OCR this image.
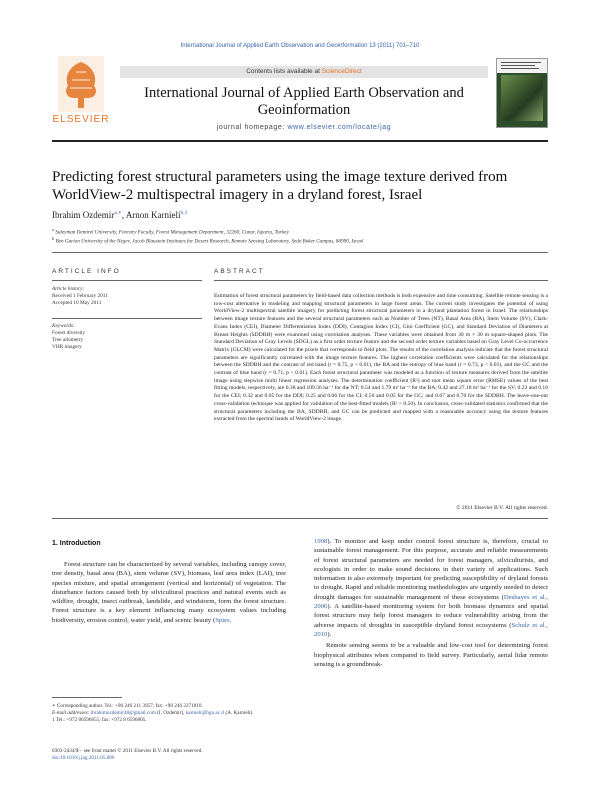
International Journal of Applied Earth Observation and Geoinformation 13 (2011) 701–710
ELSEVIER
Contents lists available at ScienceDirect
International Journal of Applied Earth Observation and Geoinformation
journal homepage: www.elsevier.com/locate/jag
Predicting forest structural parameters using the image texture derived from WorldView-2 multispectral imagery in a dryland forest, Israel
Ibrahim Ozdemir$^{a,∗}$, Arnon Karnieli$^{b,1}$
$^a$ Suleyman Demirel University, Forestry Faculty, Forest Management Department, 32260, Cunur, Isparta, Turkey
$^b$ Ben Gurion University of the Negev, Jacob Blaustein Institutes for Desert Research, Remote Sensing Laboratory, Sede Boker Campus, 84990, Israel
ARTICLE INFO
Article history:
Received 1 February 2011
Accepted 10 May 2011
Keywords:
Forest diversity
Tree allometry
VHR imagery
ABSTRACT
Estimation of forest structural parameters by field-based data collection methods is both expensive and time consuming. Satellite remote sensing is a low-cost alternative in modeling and mapping structural parameters in large forest areas. The current study investigates the potential of using WorldView-2 multispectral satellite imagery for predicting forest structural parameters in a dryland plantation forest in Israel. The relationships between image texture features and the several structural parameters such as Number of Trees (NT), Basal Area (BA), Stem Volume (SV), Clark-Evans Index (CEI), Diameter Differentiation Index (DDI), Contagion Index (CI), Gini Coefficient (GC), and Standard Deviation of Diameters at Breast Heights (SDDBH) were examined using correlation analyses. These variables were obtained from 30 m × 30 m square-shaped plots. The Standard Deviation of Gray Levels (SDGL) as a first order texture feature and the second order texture variables based on Gray Level Co-occurrence Matrix (GLCM) were calculated for the pixels that corresponds to field plots. The results of the correlation analysis indicate that the forest structural parameters are significantly correlated with the image texture features. The highest correlation coefficients were calculated for the relationships between the SDDBH and the contrast of red band (r = 0.75, p < 0.01), the BA and the entropy of blue band (r = 0.73, p < 0.01), and the GC and the contrast of blue band (r = 0.71, p < 0.01). Each forest structural parameter was modeled as a function of texture measures derived from the satellite image using stepwise multi linear regression analyses. The determination coefficient (R²) and root mean square error (RMSE) values of the best fitting models, respectively, are 0.38 and 109.56 ha⁻¹ for the NT; 0.54 and 1.79 m² ha⁻¹ for the BA; 0.42 and 27.18 m³ ha⁻¹ for the SV; 0.23 and 0.16 for the CEI; 0.32 and 0.05 for the DDI; 0.25 and 0.06 for the CI; 0.50 and 0.05 for the GC; and 0.67 and 0.70 for the SDDBH. The leave-one-out cross-validation technique was applied for validation of the best-fitted models (R² > 0.50). In conclusion, cross-validated statistics confirmed that the structural parameters including the BA, SDDBH, and GC can be predicted and mapped with a reasonable accuracy using the texture features extracted from the spectral bands of WorldView-2 image.
© 2011 Elsevier B.V. All rights reserved.
1. Introduction

Forest structure can be characterized by several variables, including canopy cover, tree density, basal area (BA), stem volume (SV), biomass, leaf area index (LAI), tree species mixture, and spatial arrangement (vertical and horizontal) of vegetation. The disturbance factors caused both by silvicultural practices and natural events such as wildfire, drought, insect outbreak, landslide, and windstorm, form the forest structure. Forest structure is a key element influencing many ecosystem values including biodiversity, erosion control, water yield, and scenic beauty (Spies,

1998). To monitor and keep under control forest structure is, therefore, crucial to sustainable forest management. For this purpose, accurate and reliable measurements of forest structural parameters are needed for forest managers, silviculturists, and ecologists in order to make sound decisions in their variety of applications. Such information is also extremely important for predicting susceptibility of dryland forests to drought. Rapid and reliable monitoring methodologies are urgently needed to detect drought damages for sustainable management of these ecosystems (Deshayes et al., 2006). A satellite-based monitoring system for both biomass dynamics and spatial forest structure may help forest managers to reduce vulnerability arising from the adverse impacts of droughts in susceptible dryland forest ecosystems (Schulz et al., 2010).

Remote sensing seems to be a valuable and low-cost tool for determining forest biophysical attributes when compared to field survey. Particularly, aerial lidar remote sensing is a groundbreak-

∗ Corresponding author. Tel.: +90 246 211 3957; fax: +90 246 2371810.
E-mail addresses: ibrahimozdemir48@gmail.com (I. Ozdemir), karnieli@bgu.ac.il (A. Karnieli).
1 Tel.: +972 86596855; fax: +972 8 6596805.
0303-2434/$ – see front matter © 2011 Elsevier B.V. All rights reserved.
doi:10.1016/j.jag.2011.05.006
